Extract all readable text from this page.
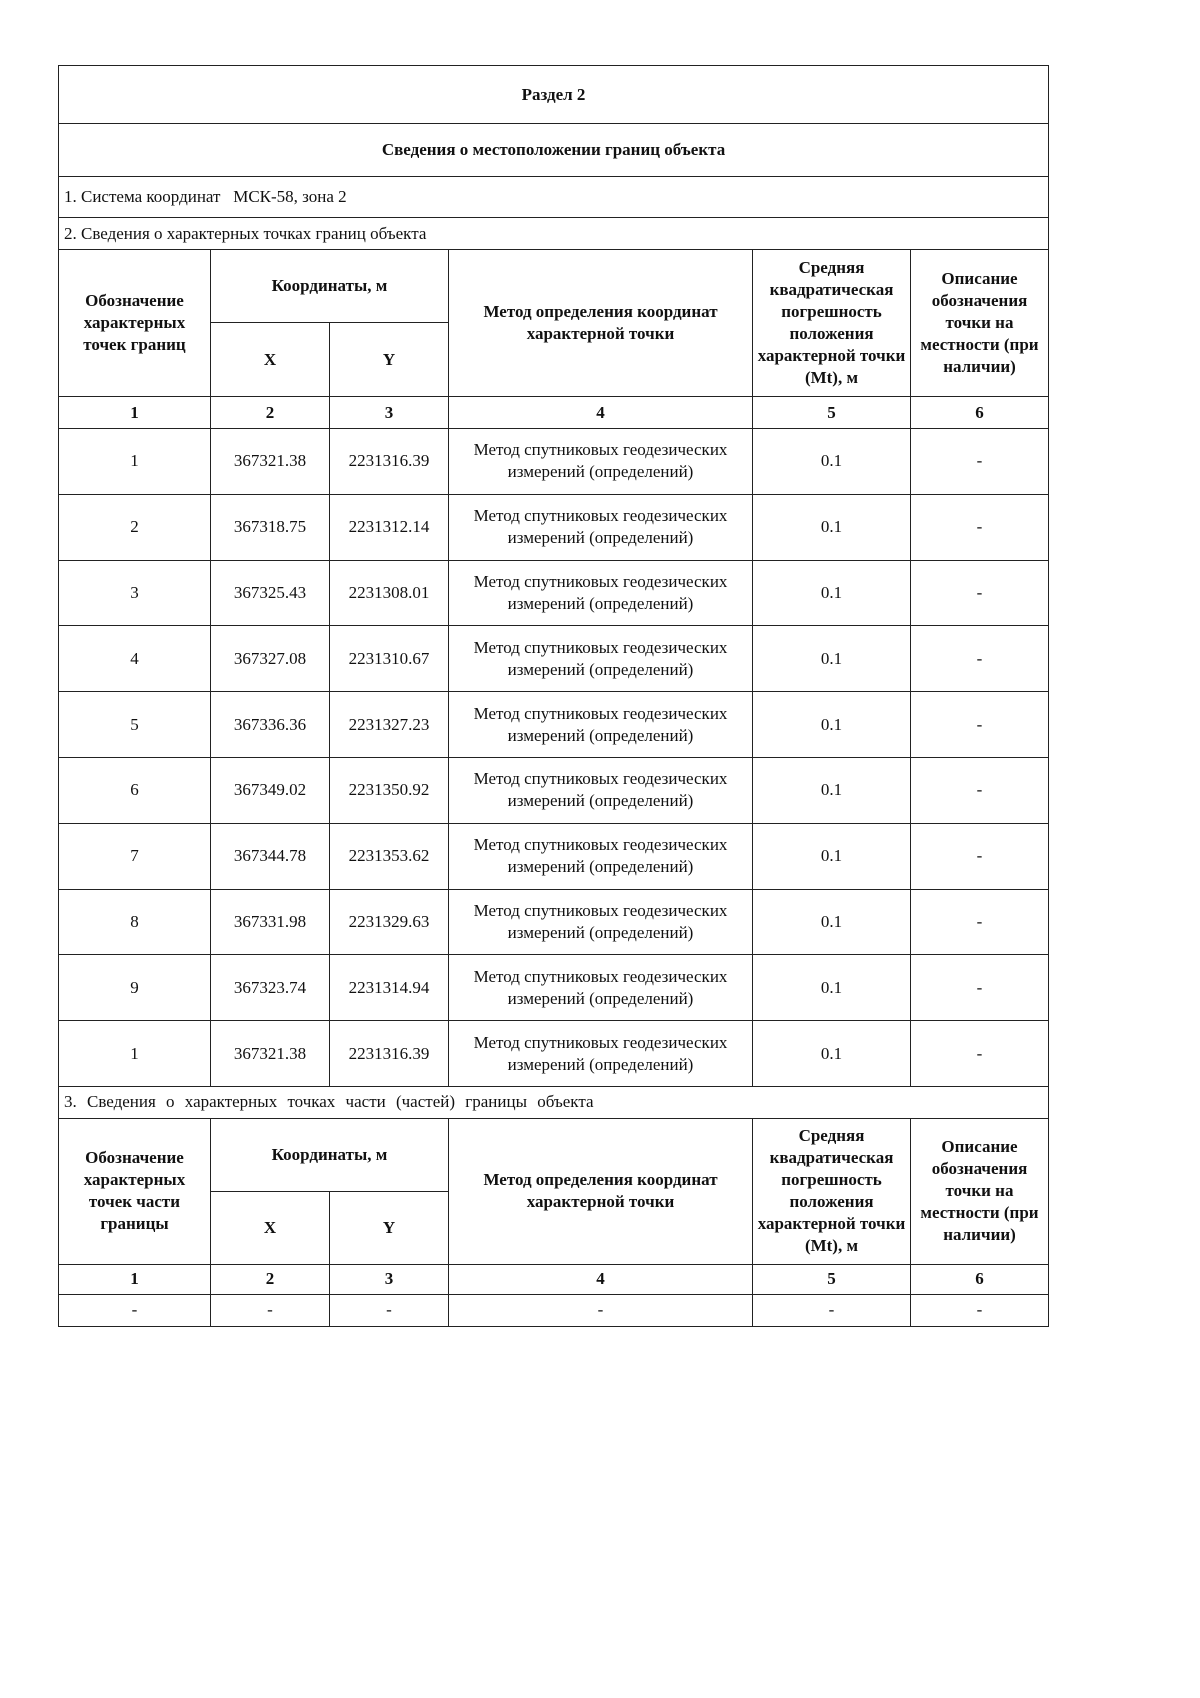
Раздел 2					
Сведения о местоположении границ объекта					
1. Система координат МСК-58, зона 2					
2. Сведения о характерных точках границ объекта					
Обозначение характерных точек границ	Координаты, м		Метод определения координат характерной точки	Средняя квадратическая погрешность положения характерной точки (Mt), м	Описание обозначения точки на местности (при наличии)
	X	Y			
1	2	3	4	5	6
1	367321.38	2231316.39	Метод спутниковых геодезических измерений (определений)	0.1	-
2	367318.75	2231312.14	Метод спутниковых геодезических измерений (определений)	0.1	-
3	367325.43	2231308.01	Метод спутниковых геодезических измерений (определений)	0.1	-
4	367327.08	2231310.67	Метод спутниковых геодезических измерений (определений)	0.1	-
5	367336.36	2231327.23	Метод спутниковых геодезических измерений (определений)	0.1	-
6	367349.02	2231350.92	Метод спутниковых геодезических измерений (определений)	0.1	-
7	367344.78	2231353.62	Метод спутниковых геодезических измерений (определений)	0.1	-
8	367331.98	2231329.63	Метод спутниковых геодезических измерений (определений)	0.1	-
9	367323.74	2231314.94	Метод спутниковых геодезических измерений (определений)	0.1	-
1	367321.38	2231316.39	Метод спутниковых геодезических измерений (определений)	0.1	-
3. Сведения о характерных точках части (частей) границы объекта					
Обозначение характерных точек части границы	Координаты, м		Метод определения координат характерной точки	Средняя квадратическая погрешность положения характерной точки (Mt), м	Описание обозначения точки на местности (при наличии)
	X	Y			
1	2	3	4	5	6
-	-	-	-	-	-
